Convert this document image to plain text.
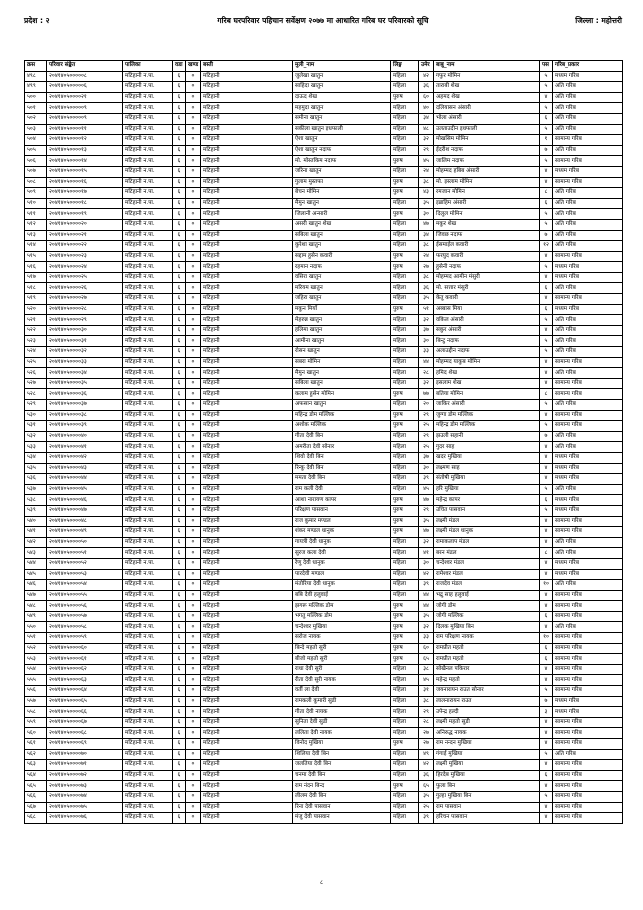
प्रदेश : २	गरिब घरपरिवार पहिचान सर्वेक्षण २०७७ मा आधारित गरिब घर परिवारको सूचि	जिल्ला : महोत्तरी
क्रस	परिवार संङ्केत	पालिका	वडा	खण्ड	बस्ती	मुली_नाम	लिङ्ग	उमेर	बाबु_नाम	पस	गरिब_प्रकार
४९८	२०४१४०५०००००८	मटिहानी न.पा.	६	०	मटिहानी	जुलेखा खातुन	महिला	४२	गफुर मोमिन	५	मध्यम गरिब
४९९	२०४१४०५०००००६	मटिहानी न.पा.	६	०	मटिहानी	साहिदा खातुन	महिला	३६	ताराबी शेख	५	अति गरिब
५००	२०४१४०५००००२१	मटिहानी न.पा.	६	०	मटिहानी	दाऊद शेख	पुरुष	६०	अहमद शेख	४	अति गरिब
५०१	२०४१४०५०००००९	मटिहानी न.पा.	६	०	मटिहानी	महमुदा खातुन	महिला	४०	दलियासन अंसारी	५	अति गरिब
५०२	२०४१४०५०००००९	मटिहानी न.पा.	६	०	मटिहानी	समीना खातुन	महिला	३४	भोला अंसारी	६	अति गरिब
५०३	२०४१४०५००००११	मटिहानी न.पा.	६	०	मटिहानी	सकीला खातुन इधफाली	महिला	४८	उलताउदीन इधफाली	५	अति गरिब
५०४	२०४१४०५००००१२	मटिहानी न.पा.	६	०	मटिहानी	ऐशा खातुन	महिला	३२	मोखसिम मोमिन	१	सामान्य गरिब
५०५	२०४१४०५००००१३	मटिहानी न.पा.	६	०	मटिहानी	ऐशा खातुन नदाफ	महिला	२९	ईदरीश नदाफ	७	अति गरिब
५०६	२०४१४०५००००१४	मटिहानी न.पा.	६	०	मटिहानी	मो. मोस्तकिम नदाफ	पुरुष	४५	जालिम नदाफ	५	सामान्य गरिब
५०७	२०४१४०५००००१५	मटिहानी न.पा.	६	०	मटिहानी	जरिना खातुन	महिला	२४	मोहम्मद हबिब अंसारी	४	मध्यम गरिब
५०८	२०४१४०५००००१६	मटिहानी न.पा.	६	०	मटिहानी	गुलाम मुस्तफा	पुरुष	३८	मो. इस्लाम मोमिन	४	सामान्य गरिब
५०९	२०४१४०५००००१७	मटिहानी न.पा.	६	०	मटिहानी	बेचन मोमिन	पुरुष	४३	रमजान मोमिन	८	अति गरिब
५१०	२०४१४०५००००१८	मटिहानी न.पा.	६	०	मटिहानी	मैमुन खातुन	महिला	३५	इब्राहिम अंसारी	६	अति गरिब
५११	२०४१४०५००००१९	मटिहानी न.पा.	६	०	मटिहानी	जिलानी अन्सारी	पुरुष	३०	दिलुल मोमिन	५	अति गरिब
५१२	२०४१४०५००००२०	मटिहानी न.पा.	६	०	मटिहानी	असरी खातुन शेख	महिला	४७	मकुर शेख	५	अति गरिब
५१३	२०४१४०५००००२१	मटिहानी न.पा.	६	०	मटिहानी	सबिला खातुन	महिला	३४	जिवछ नदाफ	७	अति गरिब
५१४	२०४१४०५००००२२	मटिहानी न.पा.	६	०	मटिहानी	कुरेशा खातुन	महिला	३८	ईसमाईल कवारी	१२	अति गरिब
५१५	२०४१४०५००००२३	मटिहानी न.पा.	६	०	मटिहानी	सद्दाम हुसेन कवारी	पुरुष	२४	फरयुद कवारी	४	सामान्य गरिब
५१६	२०४१४०५००००२४	मटिहानी न.पा.	६	०	मटिहानी	रहमान नदाफ	पुरुष	२७	हुसेनी नदाफ	५	मध्यम गरिब
५१७	२०४१४०५००००२५	मटिहानी न.पा.	६	०	मटिहानी	वसिरा खातुन	महिला	३८	मोहम्मद आमीन मंसुरी	४	मध्यम गरिब
५१८	२०४१४०५००००२६	मटिहानी न.पा.	६	०	मटिहानी	मरियम खातुन	महिला	३६	मो. सत्तार मंसुरी	६	अति गरिब
५१९	२०४१४०५००००२७	मटिहानी न.पा.	६	०	मटिहानी	जहिरा खातुन	महिला	३५	केतु कवारी	४	सामान्य गरिब
५२०	२०४१४०५००००२८	मटिहानी न.पा.	६	०	मटिहानी	मकुन मियाँ	पुरुष	५१	अब्बास मिया	६	मध्यम गरिब
५२१	२०४१४०५००००२९	मटिहानी न.पा.	६	०	मटिहानी	मेहरुन्न खातुन	महिला	३२	वकिल अंसारी	५	अति गरिब
५२२	२०४१४०५००००३०	मटिहानी न.पा.	६	०	मटिहानी	हलिमा खातुन	महिला	३७	सकुर अंसारी	४	अति गरिब
५२३	२०४१४०५००००३१	मटिहानी न.पा.	६	०	मटिहानी	आमीना खातुन	महिला	३०	बिन्टु नदाफ	५	अति गरिब
५२४	२०४१४०५००००३२	मटिहानी न.पा.	६	०	मटिहानी	रोसन खातुन	महिला	३३	अलाउद्दीन नदाफ	५	अति गरिब
५२५	२०४१४०५००००३३	मटिहानी न.पा.	६	०	मटिहानी	सबरा मोमिन	महिला	४४	मोहम्मद याकुब मोमिन	४	सामान्य गरिब
५२६	२०४१४०५००००३४	मटिहानी न.पा.	६	०	मटिहानी	मैमुन खातुन	महिला	२८	हमिद शेख	४	अति गरिब
५२७	२०४१४०५००००३५	मटिहानी न.पा.	६	०	मटिहानी	सबिला खातुन	महिला	३२	इसलाम शेख	४	सामान्य गरिब
५२८	२०४१४०५००००३६	मटिहानी न.पा.	६	०	मटिहानी	कलाम हुसेन मोमिन	पुरुष	७७	बतिया मोमिन	८	सामान्य गरिब
५२९	२०४१४०५००००३७	मटिहानी न.पा.	६	०	मटिहानी	अफसान खातुन	महिला	२०	जाकिर अंसारी	५	अति गरिब
५३०	२०४१४०५००००३८	मटिहानी न.पा.	६	०	मटिहानी	महिन्द्र डोम मल्लिक	पुरुष	२९	जुग्गा डोम मल्लिक	४	सामान्य गरिब
५३१	२०४१४०५००००३९	मटिहानी न.पा.	६	०	मटिहानी	अशोक मल्लिक	पुरुष	२५	महिन्द्र डोम मल्लिक	५	सामान्य गरिब
५३२	२०४१४०५००००४०	मटिहानी न.पा.	६	०	मटिहानी	गीता देवी बिन	महिला	२९	झउली सहानी	७	अति गरिब
५३३	२०४१४०५००००४१	मटिहानी न.पा.	६	०	मटिहानी	अमरीता देवी सोनार	महिला	२५	गुदर साह	४	अति गरिब
५३४	२०४१४०५००००४२	मटिहानी न.पा.	६	०	मटिहानी	शिवो देवी बिन	महिला	३७	खदर मुखिया	४	मध्यम गरिब
५३५	२०४१४०५००००४३	मटिहानी न.पा.	६	०	मटिहानी	रिन्कु देवी बिन	महिला	३०	लक्ष्मण साह	४	मध्यम गरिब
५३६	२०४१४०५००००४४	मटिहानी न.पा.	६	०	मटिहानी	ममता देवी बिन	महिला	३९	संतोषी मुखिया	४	मध्यम गरिब
५३७	२०४१४०५००००४५	मटिहानी न.पा.	६	०	मटिहानी	राम कली देवी	महिला	४५	हरि मुखिया	५	अति गरिब
५३८	२०४१४०५००००४६	मटिहानी न.पा.	६	०	मटिहानी	आशा नारायण कापर	पुरुष	४७	महेन्द्र कापर	६	मध्यम गरिब
५३९	२०४१४०५००००४७	मटिहानी न.पा.	६	०	मटिहानी	परिक्षण पासवान	पुरुष	२९	उचित पासवान	५	मध्यम गरिब
५४०	२०४१४०५००००४८	मटिहानी न.पा.	६	०	मटिहानी	राज कुमार मण्डल	पुरुष	३५	लक्ष्मी मंडल	४	सामान्य गरिब
५४१	२०४१४०५००००४९	मटिहानी न.पा.	६	०	मटिहानी	शंकर मण्डल धानुक	पुरुष	४७	लक्ष्मी मंडल धानुक	४	सामान्य गरिब
५४२	२०४१४०५००००५०	मटिहानी न.पा.	६	०	मटिहानी	गायत्री देवी धानुक	महिला	३२	रामाकलाप मंडल	४	अति गरिब
५४३	२०४१४०५००००५१	मटिहानी न.पा.	६	०	मटिहानी	सुरज कला देवी	महिला	४१	बरन मंडल	८	अति गरिब
५४४	२०४१४०५००००५२	मटिहानी न.पा.	६	०	मटिहानी	रेणु देवी धानुक	महिला	३०	चन्देश्वर मंडल	४	मध्यम गरिब
५४५	२०४१४०५००००५३	मटिहानी न.पा.	६	०	मटिहानी	पारदेवी मण्डल	महिला	४२	रामेश्वर मंडल	४	मध्यम गरिब
५४६	२०४१४०५००००५४	मटिहानी न.पा.	६	०	मटिहानी	मंतोरिया देवी धानुक	महिला	३९	राजदेव मंडल	१०	अति गरिब
५४७	२०४१४०५००००५५	मटिहानी न.पा.	६	०	मटिहानी	बबि देवी हलुवाई	महिला	४४	भद्रु साह हलुवाई	४	सामान्य गरिब
५४८	२०४१४०५००००५६	मटिहानी न.पा.	६	०	मटिहानी	झगरू मल्लिक डोम	पुरुष	४४	जोगी डोम	४	सामान्य गरिब
५४९	२०४१४०५००००५७	मटिहानी न.पा.	६	०	मटिहानी	भगतु मल्लिक डोम	पुरुष	३५	जोगी मल्लिक	६	सामान्य गरिब
५५०	२०४१४०५००००५८	मटिहानी न.पा.	६	०	मटिहानी	चन्देश्वर मुखिया	पुरुष	३२	दिलक मुखिया बिन	४	अति गरिब
५५१	२०४१४०५००००५९	मटिहानी न.पा.	६	०	मटिहानी	सरोज नायक	पुरुष	३३	राम परिक्षण नायक	१०	सामान्य गरिब
५५२	२०४१४०५००००६०	मटिहानी न.पा.	६	०	मटिहानी	बिन्दे महतो सुरी	पुरुष	६०	रामप्रीत महतो	६	सामान्य गरिब
५५३	२०४१४०५००००६१	मटिहानी न.पा.	६	०	मटिहानी	बीजो महतो सुरी	पुरुष	६५	रामप्रीत महतो	६	सामान्य गरिब
५५४	२०४१४०५००००६२	मटिहानी न.पा.	६	०	मटिहानी	राधा देवी सुरी	महिला	३८	सोखैनल पकिरार	४	सामान्य गरिब
५५५	२०४१४०५००००६३	मटिहानी न.पा.	६	०	मटिहानी	रीता देवी सुरी नायक	महिला	४५	महेन्द्र महतो	४	सामान्य गरिब
५५६	२०४१४०५००००६४	मटिहानी न.पा.	६	०	मटिहानी	वर्ती ला देवी	महिला	३१	जयनारायन राउत सोनार	५	सामान्य गरिब
५५७	२०४१४०५००००६५	मटिहानी न.पा.	६	०	मटिहानी	रामकली कुमारी सुडी	महिला	३८	लालनारायन राउत	७	मध्यम गरिब
५५८	२०४१४०५००००६६	मटिहानी न.पा.	६	०	मटिहानी	गीता देवी नायक	महिला	२९	उपेन्द्र हल्दी	३	मध्यम गरिब
५५९	२०४१४०५००००६७	मटिहानी न.पा.	६	०	मटिहानी	सुनिता देवी सुडी	महिला	२८	लक्ष्मी महतो सुडी	४	सामान्य गरिब
५६०	२०४१४०५००००६८	मटिहानी न.पा.	६	०	मटिहानी	ललिता देवी नायक	महिला	२७	अनिरुद्ध नायक	४	सामान्य गरिब
५६१	२०४१४०५००००६९	मटिहानी न.पा.	६	०	मटिहानी	विनोद मुखिया	पुरुष	२७	राम नन्दन मुखिया	४	सामान्य गरिब
५६२	२०४१४०५००००७०	मटिहानी न.पा.	६	०	मटिहानी	शिलिया देवी बिन	महिला	४९	गंगाई मुखिया	५	अति गरिब
५६३	२०४१४०५००००७१	मटिहानी न.पा.	६	०	मटिहानी	जलतिया देवी बिन	महिला	४२	लक्ष्मी मुखिया	४	सामान्य गरिब
५६४	२०४१४०५००००७२	मटिहानी न.पा.	६	०	मटिहानी	चनमा देवी बिन	महिला	३६	हिरदेब मुखिया	६	सामान्य गरिब
५६५	२०४१४०५००००७३	मटिहानी न.पा.	६	०	मटिहानी	राम नंदन बिन्द	पुरुष	६५	फुला बिन	४	सामान्य गरिब
५६६	२०४१४०५००००७४	मटिहानी न.पा.	६	०	मटिहानी	लीलम देवी बिन	महिला	३५	गुल्हा मुखिया बिन	५	सामान्य गरिब
५६७	२०४१४०५००००७५	मटिहानी न.पा.	६	०	मटिहानी	रिना देवी पासवान	महिला	२५	राम पासवान	४	सामान्य गरिब
५६८	२०४१४०५००००७६	मटिहानी न.पा.	६	०	मटिहानी	मंजु देवी पासवान	महिला	३९	हरिचन पासवान	४	सामान्य गरिब
८
